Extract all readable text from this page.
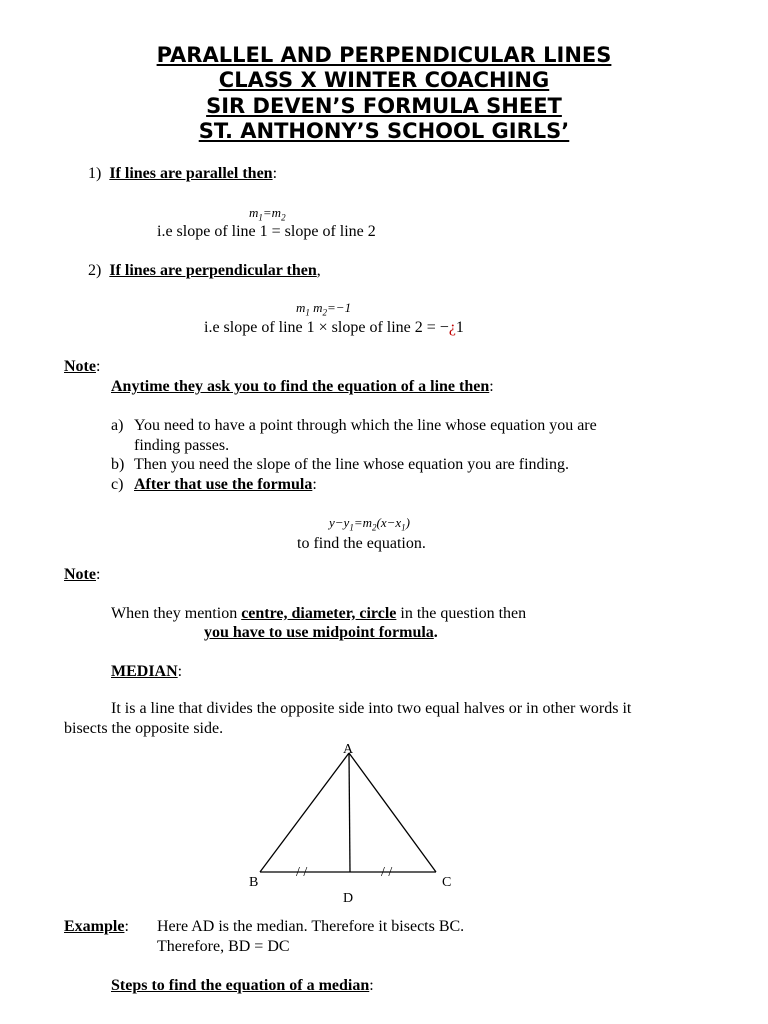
PARALLEL AND PERPENDICULAR LINES
CLASS X WINTER COACHING
SIR DEVEN’S FORMULA SHEET
ST. ANTHONY’S SCHOOL GIRLS’
1) If lines are parallel then:
$m_1=m_2$
i.e slope of line 1 = slope of line 2
2) If lines are perpendicular then,
$m_1$ $m_2=-1$
i.e slope of line 1 × slope of line 2 = −¿1
Note:
Anytime they ask you to find the equation of a line then:
a) You need to have a point through which the line whose equation you are
finding passes.
b) Then you need the slope of the line whose equation you are finding.
c) After that use the formula:
$y-y_1=m_2(x-x_1)$
to find the equation.
Note:
When they mention centre, diameter, circle in the question then
you have to use midpoint formula.
MEDIAN:
It is a line that divides the opposite side into two equal halves or in other words it
bisects the opposite side.
A
B	C
D
/ /	/ /
Example: Here AD is the median. Therefore it bisects BC.
Therefore, BD = DC
Steps to find the equation of a median:
